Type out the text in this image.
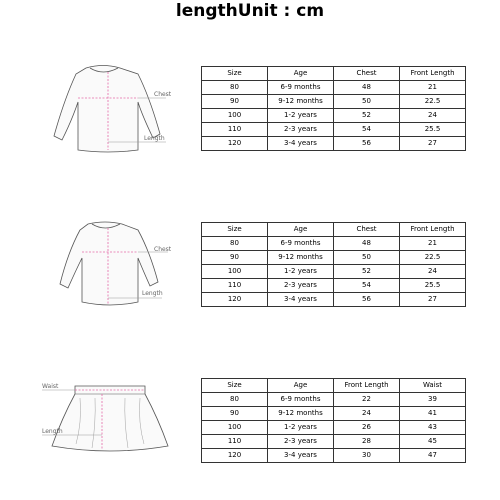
lengthUnit : cm
Chest
Length
Size	Age	Chest	Front Length
80	6-9 months	48	21
90	9-12 months	50	22.5
100	1-2 years	52	24
110	2-3 years	54	25.5
120	3-4 years	56	27
Chest
Length
Size	Age	Chest	Front Length
80	6-9 months	48	21
90	9-12 months	50	22.5
100	1-2 years	52	24
110	2-3 years	54	25.5
120	3-4 years	56	27
Waist
Length
Size	Age	Front Length	Waist
80	6-9 months	22	39
90	9-12 months	24	41
100	1-2 years	26	43
110	2-3 years	28	45
120	3-4 years	30	47
